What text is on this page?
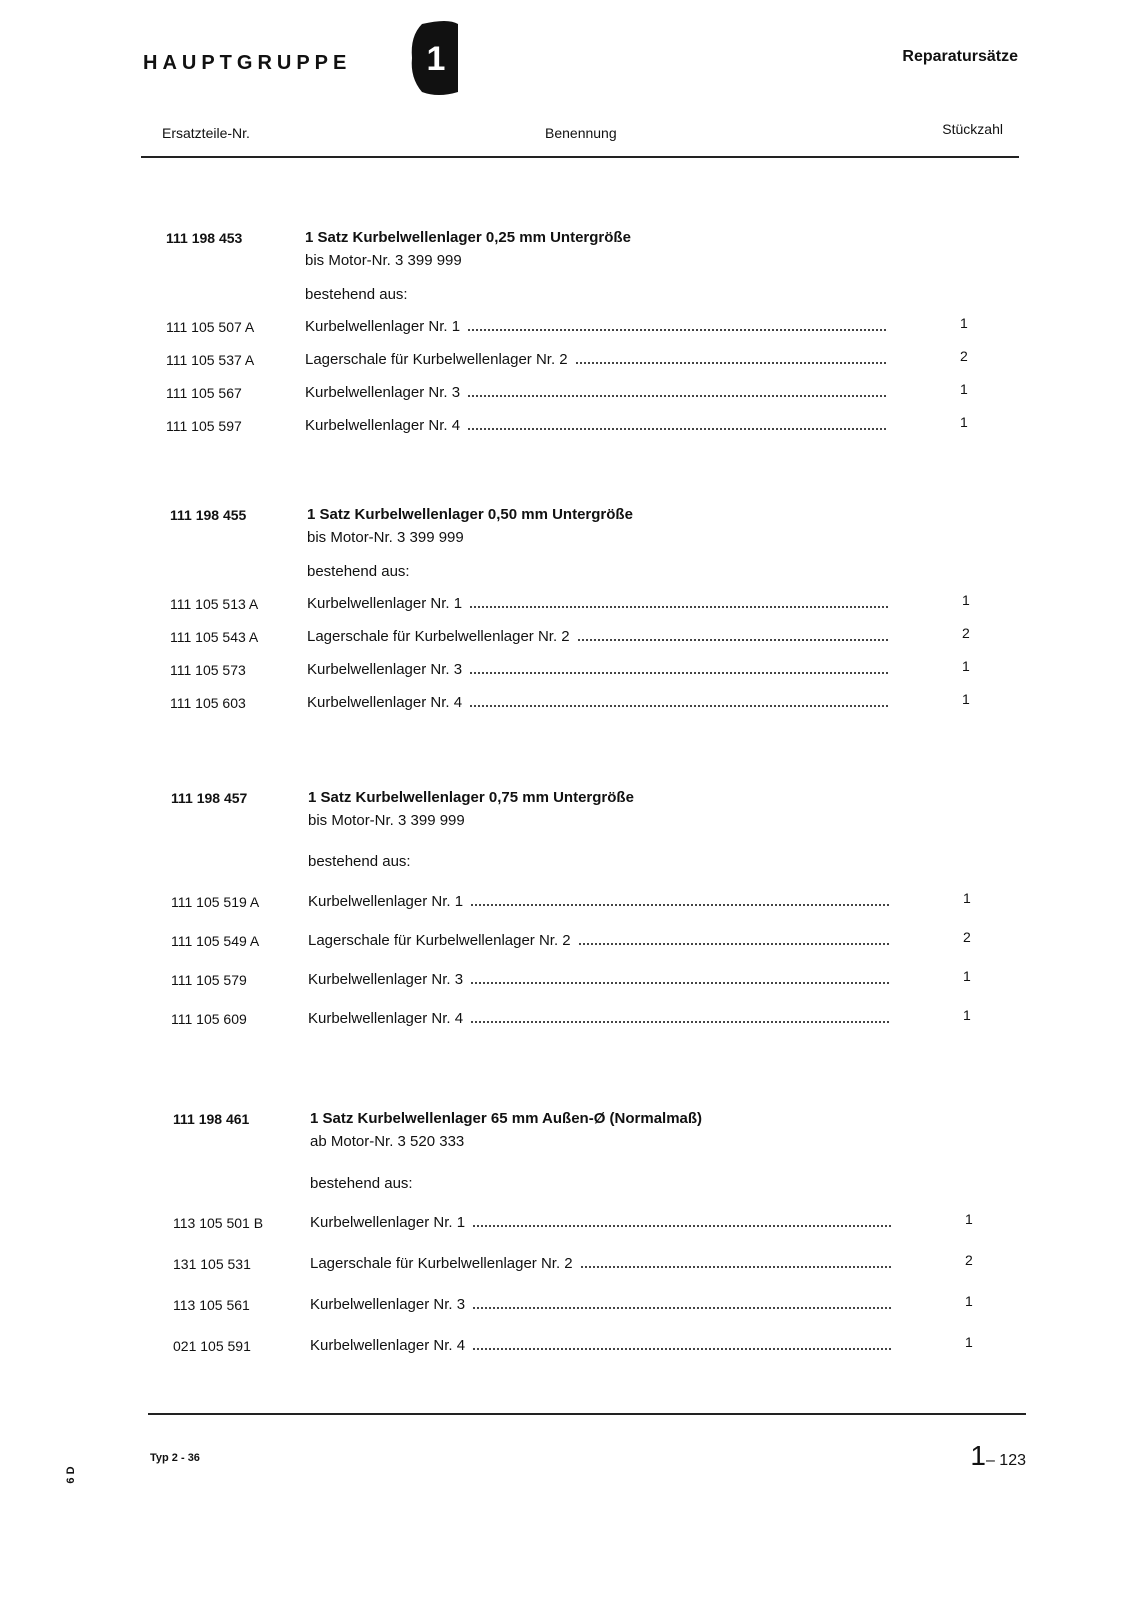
HAUPTGRUPPE 1	Reparatursätze
Ersatzteile-Nr.	Benennung	Stückzahl
111 198 453	1 Satz Kurbelwellenlager 0,25 mm Untergröße
bis Motor-Nr. 3 399 999
bestehend aus:
111 105 507 A	Kurbelwellenlager Nr. 1	1
111 105 537 A	Lagerschale für Kurbelwellenlager Nr. 2	2
111 105 567	Kurbelwellenlager Nr. 3	1
111 105 597	Kurbelwellenlager Nr. 4	1
111 198 455	1 Satz Kurbelwellenlager 0,50 mm Untergröße
bis Motor-Nr. 3 399 999
bestehend aus:
111 105 513 A	Kurbelwellenlager Nr. 1	1
111 105 543 A	Lagerschale für Kurbelwellenlager Nr. 2	2
111 105 573	Kurbelwellenlager Nr. 3	1
111 105 603	Kurbelwellenlager Nr. 4	1
111 198 457	1 Satz Kurbelwellenlager 0,75 mm Untergröße
bis Motor-Nr. 3 399 999
bestehend aus:
111 105 519 A	Kurbelwellenlager Nr. 1	1
111 105 549 A	Lagerschale für Kurbelwellenlager Nr. 2	2
111 105 579	Kurbelwellenlager Nr. 3	1
111 105 609	Kurbelwellenlager Nr. 4	1
111 198 461	1 Satz Kurbelwellenlager 65 mm Außen-Ø (Normalmaß)
ab Motor-Nr. 3 520 333
bestehend aus:
113 105 501 B	Kurbelwellenlager Nr. 1	1
131 105 531	Lagerschale für Kurbelwellenlager Nr. 2	2
113 105 561	Kurbelwellenlager Nr. 3	1
021 105 591	Kurbelwellenlager Nr. 4	1
Typ 2 - 36	1– 123
6 D
